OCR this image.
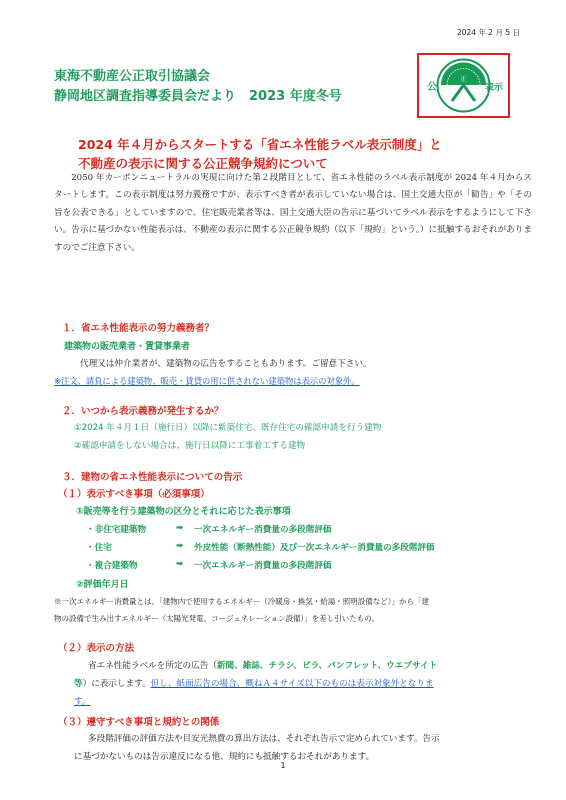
2024 年 2 月 5 日
東海不動産公正取引協議会
静岡地区調査指導委員会だより　2023 年度冬号
正
公	表示
2024 年４月からスタートする「省エネ性能ラベル表示制度」と
不動産の表示に関する公正競争規約について
2050 年カーボンニュートラルの実現に向けた第２段階目として、省エネ性能のラベル表示制度が 2024 年４月からスタートします。この表示制度は努力義務ですが、表示すべき者が表示していない場合は、国土交通大臣が「勧告」や「その旨を公表できる」としていますので、住宅販売業者等は、国土交通大臣の告示に基づいてラベル表示をするようにして下さい。告示に基づかない性能表示は、不動産の表示に関する公正競争規約（以下「規約」という。）に抵触するおそれがありますのでご注意下さい。
１．省エネ性能表示の努力義務者？
建築物の販売業者・賃貸事業者
代理又は仲介業者が、建築物の広告をすることもあります。ご留意下さい。
※注文、請負による建築物、販売・賃貸の用に供されない建築物は表示の対象外。
２．いつから表示義務が発生するか？
①2024 年４月１日（施行日）以降に新築住宅、既存住宅の確認申請を行う建物
②確認申請をしない場合は、施行日以降に工事着工する建物
３．建物の省エネ性能表示についての告示
（１）表示すべき事項（必須事項）
①販売等を行う建築物の区分とそれに応じた表示事項
・非住宅建築物	➡ 一次エネルギー消費量の多段階評価
・住宅	➡ 外皮性能（断熱性能）及び一次エネルギー消費量の多段階評価
・複合建築物	➡ 一次エネルギー消費量の多段階評価
②評価年月日
※一次エネルギー消費量とは、「建物内で使用するエネルギー（冷暖房・換気・給湯・照明設備など）」から「建
物の設備で生み出すエネルギー（太陽光発電、コージェネレーション設備）」を差し引いたもの。
（２）表示の方法
省エネ性能ラベルを所定の広告（新聞、雑誌、チラシ、ビラ、パンフレット、ウエブサイト
等）に表示します。但し、紙面広告の場合、概ねＡ４サイズ以下のものは表示対象外となりま
す。
（３）遵守すべき事項と規約との関係
多段階評価の評価方法や目安光熱費の算出方法は、それぞれ告示で定められています。告示
に基づかないものは告示違反になる他、規約にも抵触するおそれがあります。
1
